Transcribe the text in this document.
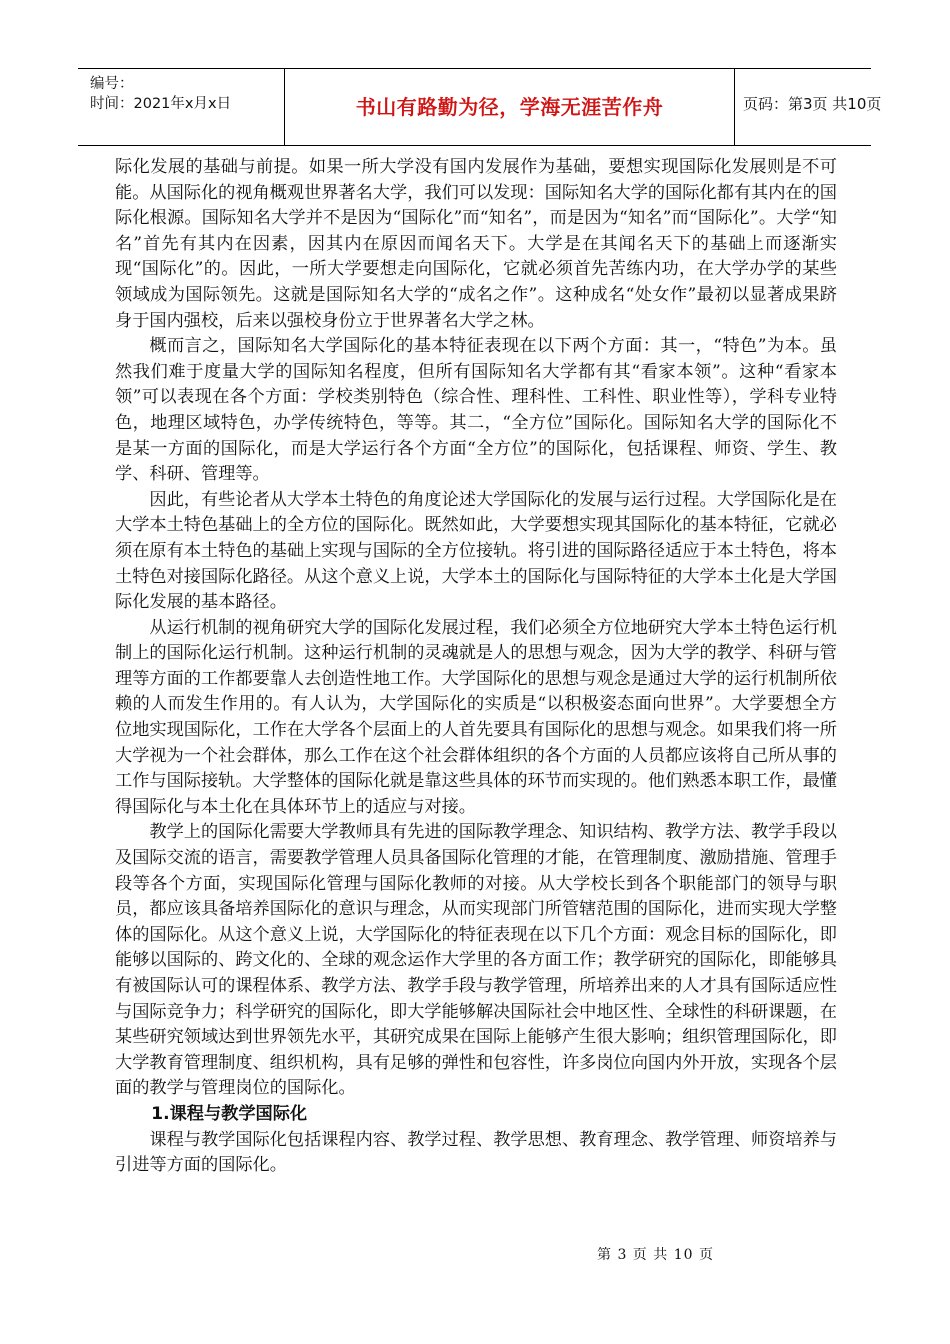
编号：
时间：2021年x月x日	书山有路勤为径，学海无涯苦作舟	页码：第3页 共10页

际化发展的基础与前提。如果一所大学没有国内发展作为基础，要想实现国际化发展则是不可能。从国际化的视角概观世界著名大学，我们可以发现：国际知名大学的国际化都有其内在的国际化根源。国际知名大学并不是因为“国际化”而“知名”，而是因为“知名”而“国际化”。大学“知名”首先有其内在因素，因其内在原因而闻名天下。大学是在其闻名天下的基础上而逐渐实现“国际化”的。因此，一所大学要想走向国际化，它就必须首先苦练内功，在大学办学的某些领域成为国际领先。这就是国际知名大学的“成名之作”。这种成名“处女作”最初以显著成果跻身于国内强校，后来以强校身份立于世界著名大学之林。

概而言之，国际知名大学国际化的基本特征表现在以下两个方面：其一，“特色”为本。虽然我们难于度量大学的国际知名程度，但所有国际知名大学都有其“看家本领”。这种“看家本领”可以表现在各个方面：学校类别特色（综合性、理科性、工科性、职业性等），学科专业特色，地理区域特色，办学传统特色，等等。其二，“全方位”国际化。国际知名大学的国际化不是某一方面的国际化，而是大学运行各个方面“全方位”的国际化，包括课程、师资、学生、教学、科研、管理等。

因此，有些论者从大学本土特色的角度论述大学国际化的发展与运行过程。大学国际化是在大学本土特色基础上的全方位的国际化。既然如此，大学要想实现其国际化的基本特征，它就必须在原有本土特色的基础上实现与国际的全方位接轨。将引进的国际路径适应于本土特色，将本土特色对接国际化路径。从这个意义上说，大学本土的国际化与国际特征的大学本土化是大学国际化发展的基本路径。

从运行机制的视角研究大学的国际化发展过程，我们必须全方位地研究大学本土特色运行机制上的国际化运行机制。这种运行机制的灵魂就是人的思想与观念，因为大学的教学、科研与管理等方面的工作都要靠人去创造性地工作。大学国际化的思想与观念是通过大学的运行机制所依赖的人而发生作用的。有人认为，大学国际化的实质是“以积极姿态面向世界”。大学要想全方位地实现国际化，工作在大学各个层面上的人首先要具有国际化的思想与观念。如果我们将一所大学视为一个社会群体，那么工作在这个社会群体组织的各个方面的人员都应该将自己所从事的工作与国际接轨。大学整体的国际化就是靠这些具体的环节而实现的。他们熟悉本职工作，最懂得国际化与本土化在具体环节上的适应与对接。

教学上的国际化需要大学教师具有先进的国际教学理念、知识结构、教学方法、教学手段以及国际交流的语言，需要教学管理人员具备国际化管理的才能，在管理制度、激励措施、管理手段等各个方面，实现国际化管理与国际化教师的对接。从大学校长到各个职能部门的领导与职员，都应该具备培养国际化的意识与理念，从而实现部门所管辖范围的国际化，进而实现大学整体的国际化。从这个意义上说，大学国际化的特征表现在以下几个方面：观念目标的国际化，即能够以国际的、跨文化的、全球的观念运作大学里的各方面工作；教学研究的国际化，即能够具有被国际认可的课程体系、教学方法、教学手段与教学管理，所培养出来的人才具有国际适应性与国际竞争力；科学研究的国际化，即大学能够解决国际社会中地区性、全球性的科研课题，在某些研究领域达到世界领先水平，其研究成果在国际上能够产生很大影响；组织管理国际化，即大学教育管理制度、组织机构，具有足够的弹性和包容性，许多岗位向国内外开放，实现各个层面的教学与管理岗位的国际化。

1.课程与教学国际化

课程与教学国际化包括课程内容、教学过程、教学思想、教育理念、教学管理、师资培养与引进等方面的国际化。

第 3 页 共 10 页
